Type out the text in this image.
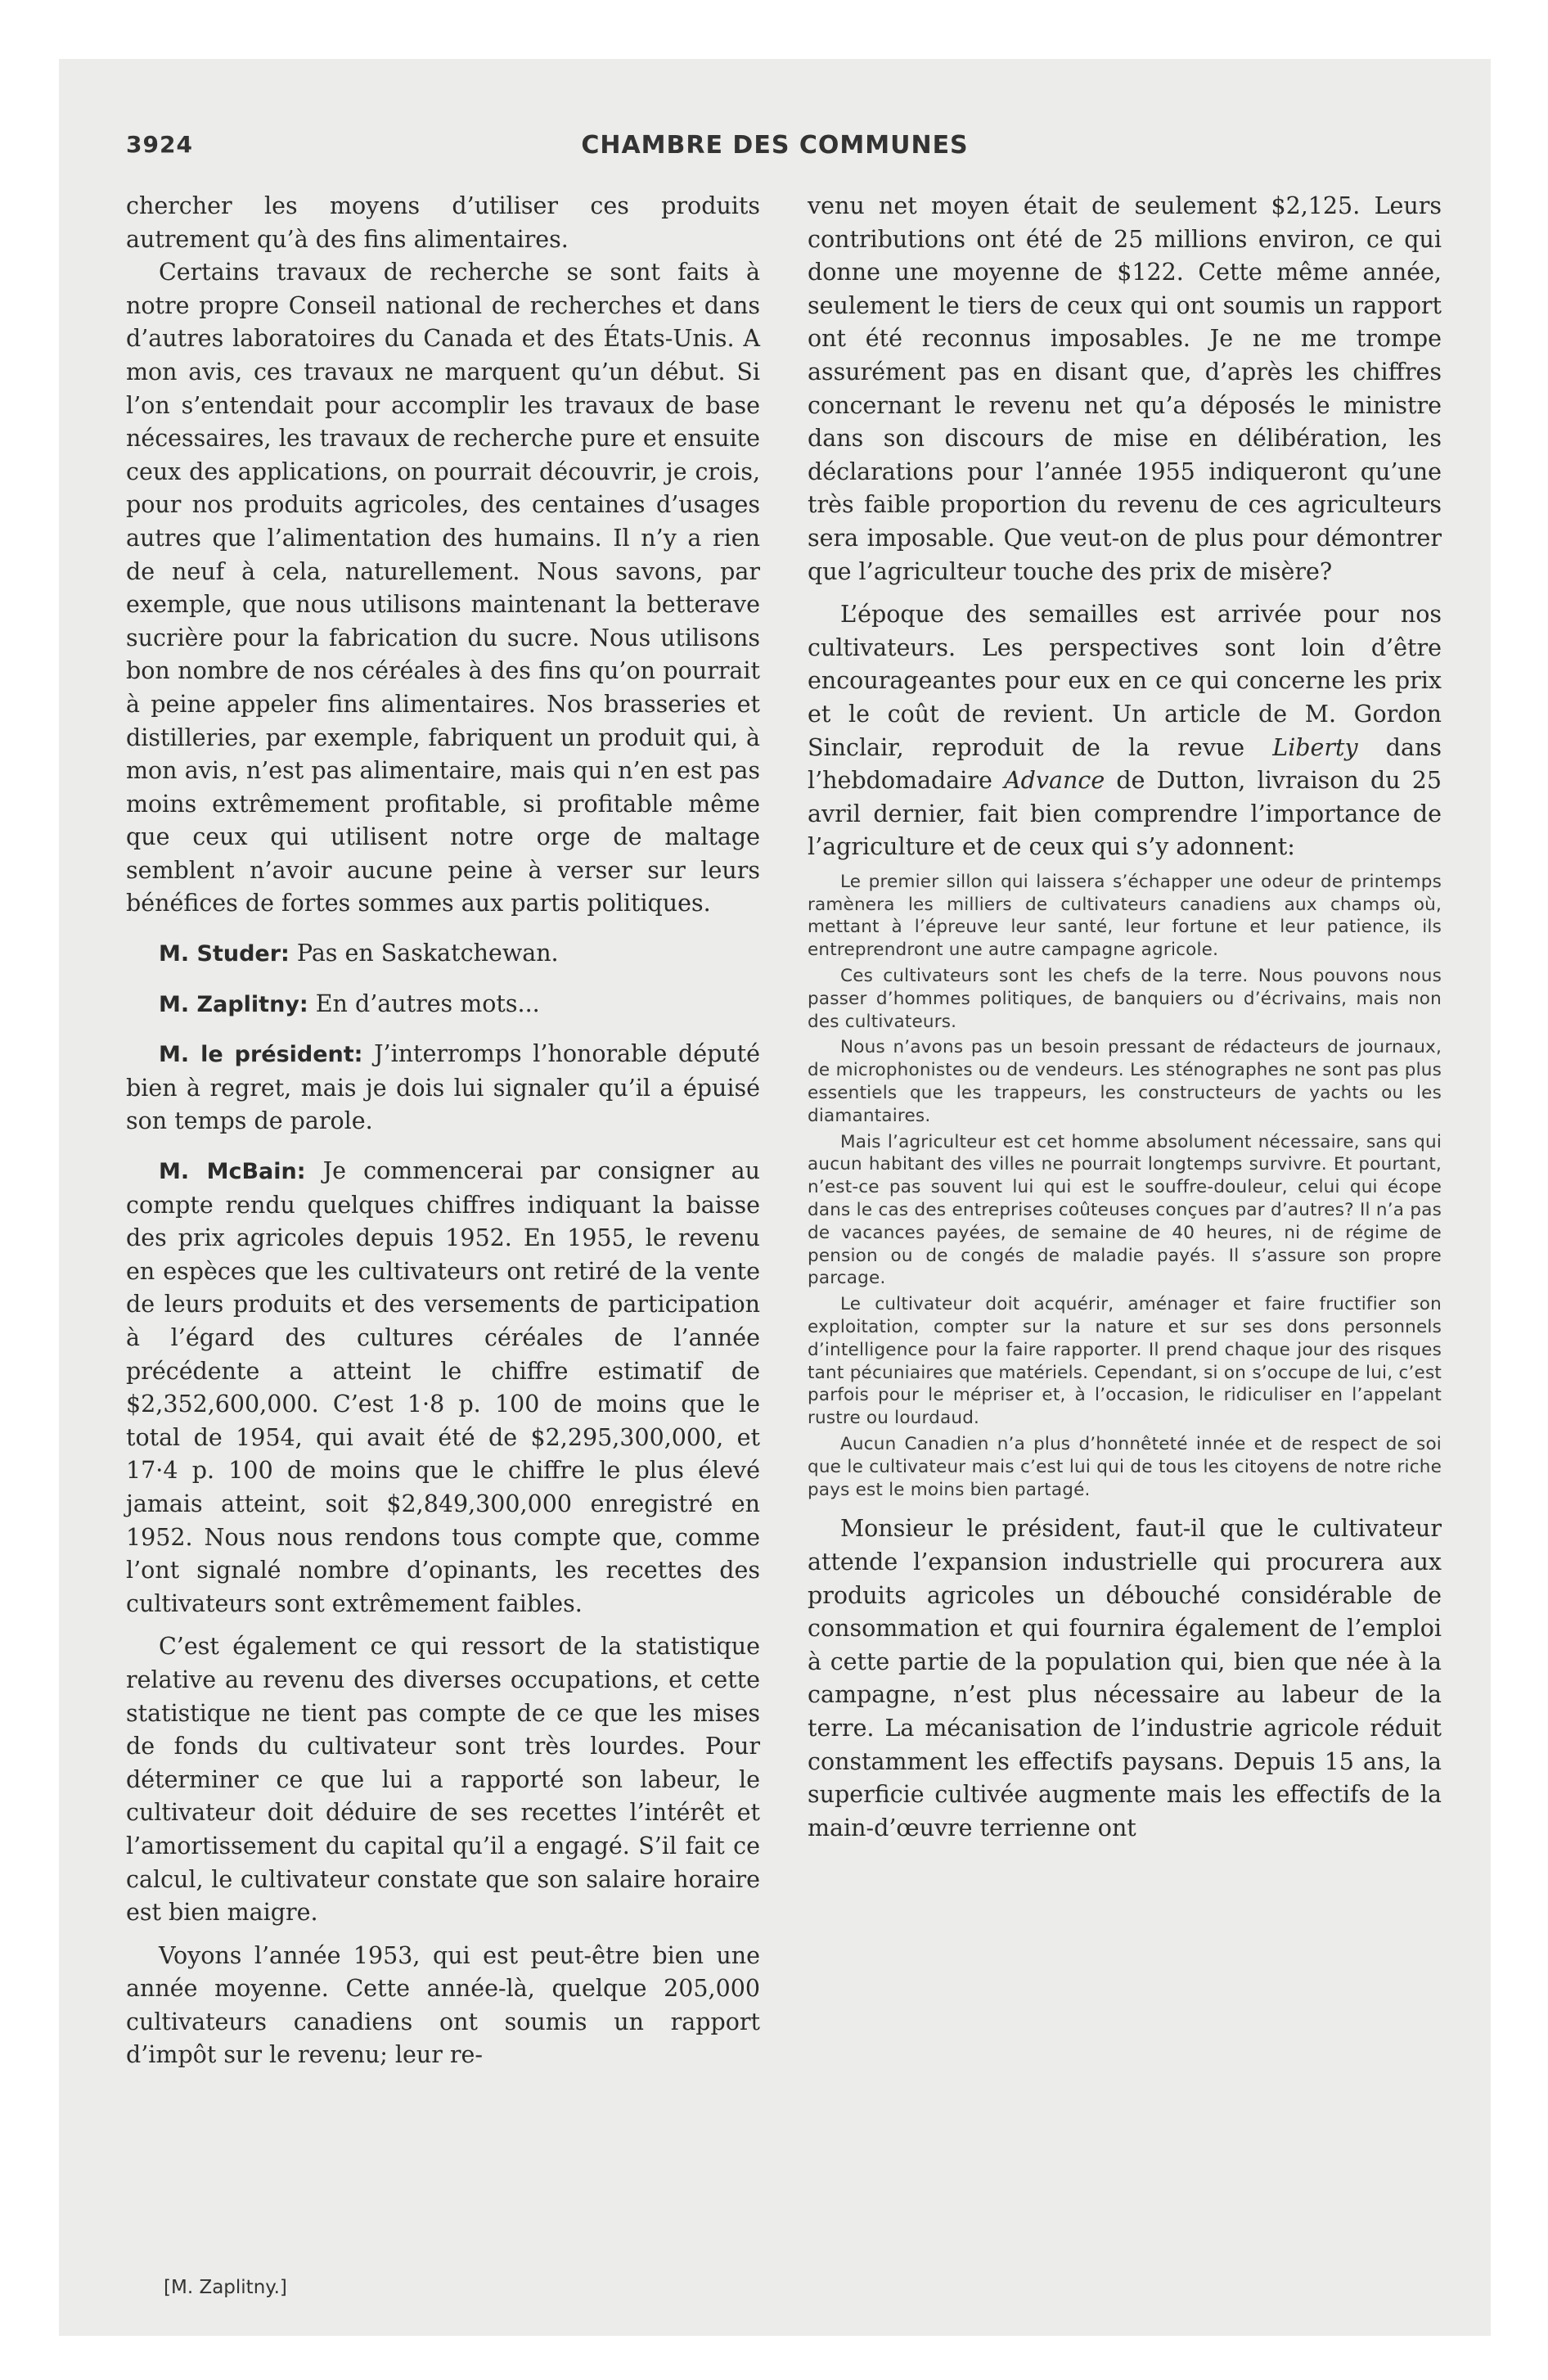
3924	CHAMBRE DES COMMUNES

chercher les moyens d’utiliser ces produits autrement qu’à des fins alimentaires.

Certains travaux de recherche se sont faits à notre propre Conseil national de recherches et dans d’autres laboratoires du Canada et des États-Unis. A mon avis, ces travaux ne marquent qu’un début. Si l’on s’entendait pour accomplir les travaux de base nécessaires, les travaux de recherche pure et ensuite ceux des applications, on pourrait découvrir, je crois, pour nos produits agricoles, des centaines d’usages autres que l’alimentation des humains. Il n’y a rien de neuf à cela, naturellement. Nous savons, par exemple, que nous utilisons maintenant la betterave sucrière pour la fabrication du sucre. Nous utilisons bon nombre de nos céréales à des fins qu’on pourrait à peine appeler fins alimentaires. Nos brasseries et distilleries, par exemple, fabriquent un produit qui, à mon avis, n’est pas alimentaire, mais qui n’en est pas moins extrêmement profitable, si profitable même que ceux qui utilisent notre orge de maltage semblent n’avoir aucune peine à verser sur leurs bénéfices de fortes sommes aux partis politiques.

M. Studer: Pas en Saskatchewan.

M. Zaplitny: En d’autres mots...

M. le président: J’interromps l’honorable député bien à regret, mais je dois lui signaler qu’il a épuisé son temps de parole.

M. McBain: Je commencerai par consigner au compte rendu quelques chiffres indiquant la baisse des prix agricoles depuis 1952. En 1955, le revenu en espèces que les cultivateurs ont retiré de la vente de leurs produits et des versements de participation à l’égard des cultures céréales de l’année précédente a atteint le chiffre estimatif de $2,352,600,000. C’est 1·8 p. 100 de moins que le total de 1954, qui avait été de $2,295,300,000, et 17·4 p. 100 de moins que le chiffre le plus élevé jamais atteint, soit $2,849,300,000 enregistré en 1952. Nous nous rendons tous compte que, comme l’ont signalé nombre d’opinants, les recettes des cultivateurs sont extrêmement faibles.

C’est également ce qui ressort de la statistique relative au revenu des diverses occupations, et cette statistique ne tient pas compte de ce que les mises de fonds du cultivateur sont très lourdes. Pour déterminer ce que lui a rapporté son labeur, le cultivateur doit déduire de ses recettes l’intérêt et l’amortissement du capital qu’il a engagé. S’il fait ce calcul, le cultivateur constate que son salaire horaire est bien maigre.

Voyons l’année 1953, qui est peut-être bien une année moyenne. Cette année-là, quelque 205,000 cultivateurs canadiens ont soumis un rapport d’impôt sur le revenu; leur re-

[M. Zaplitny.]

venu net moyen était de seulement $2,125. Leurs contributions ont été de 25 millions environ, ce qui donne une moyenne de $122. Cette même année, seulement le tiers de ceux qui ont soumis un rapport ont été reconnus imposables. Je ne me trompe assurément pas en disant que, d’après les chiffres concernant le revenu net qu’a déposés le ministre dans son discours de mise en délibération, les déclarations pour l’année 1955 indiqueront qu’une très faible proportion du revenu de ces agriculteurs sera imposable. Que veut-on de plus pour démontrer que l’agriculteur touche des prix de misère?

L’époque des semailles est arrivée pour nos cultivateurs. Les perspectives sont loin d’être encourageantes pour eux en ce qui concerne les prix et le coût de revient. Un article de M. Gordon Sinclair, reproduit de la revue Liberty dans l’hebdomadaire Advance de Dutton, livraison du 25 avril dernier, fait bien comprendre l’importance de l’agriculture et de ceux qui s’y adonnent:

Le premier sillon qui laissera s’échapper une odeur de printemps ramènera les milliers de cultivateurs canadiens aux champs où, mettant à l’épreuve leur santé, leur fortune et leur patience, ils entreprendront une autre campagne agricole.

Ces cultivateurs sont les chefs de la terre. Nous pouvons nous passer d’hommes politiques, de banquiers ou d’écrivains, mais non des cultivateurs.

Nous n’avons pas un besoin pressant de rédacteurs de journaux, de microphonistes ou de vendeurs. Les sténographes ne sont pas plus essentiels que les trappeurs, les constructeurs de yachts ou les diamantaires.

Mais l’agriculteur est cet homme absolument nécessaire, sans qui aucun habitant des villes ne pourrait longtemps survivre. Et pourtant, n’est-ce pas souvent lui qui est le souffre-douleur, celui qui écope dans le cas des entreprises coûteuses conçues par d’autres? Il n’a pas de vacances payées, de semaine de 40 heures, ni de régime de pension ou de congés de maladie payés. Il s’assure son propre parcage.

Le cultivateur doit acquérir, aménager et faire fructifier son exploitation, compter sur la nature et sur ses dons personnels d’intelligence pour la faire rapporter. Il prend chaque jour des risques tant pécuniaires que matériels. Cependant, si on s’occupe de lui, c’est parfois pour le mépriser et, à l’occasion, le ridiculiser en l’appelant rustre ou lourdaud.

Aucun Canadien n’a plus d’honnêteté innée et de respect de soi que le cultivateur mais c’est lui qui de tous les citoyens de notre riche pays est le moins bien partagé.

Monsieur le président, faut-il que le cultivateur attende l’expansion industrielle qui procurera aux produits agricoles un débouché considérable de consommation et qui fournira également de l’emploi à cette partie de la population qui, bien que née à la campagne, n’est plus nécessaire au labeur de la terre. La mécanisation de l’industrie agricole réduit constamment les effectifs paysans. Depuis 15 ans, la superficie cultivée augmente mais les effectifs de la main-d’œuvre terrienne ont
